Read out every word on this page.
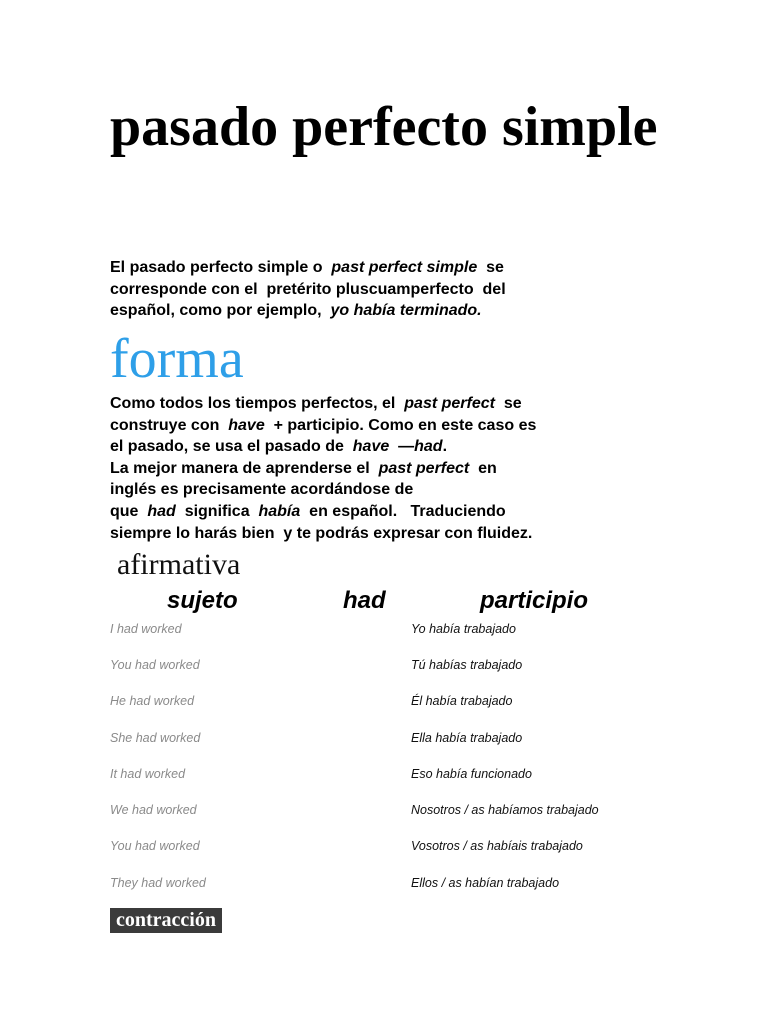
pasado perfecto simple
El pasado perfecto simple o  past perfect simple  se
corresponde con el  pretérito pluscuamperfecto  del
español, como por ejemplo,  yo había terminado.
forma
Como todos los tiempos perfectos, el  past perfect  se
construye con  have  + participio. Como en este caso es
el pasado, se usa el pasado de  have  —had.
La mejor manera de aprenderse el  past perfect  en
inglés es precisamente acordándose de
que  had  significa  había  en español.   Traduciendo
siempre lo harás bien  y te podrás expresar con fluidez.
afirmativa
sujeto	had	participio
I had worked	Yo había trabajado
You had worked	Tú habías trabajado
He had worked	Él había trabajado
She had worked	Ella había trabajado
It had worked	Eso había funcionado
We had worked	Nosotros / as habíamos trabajado
You had worked	Vosotros / as habíais trabajado
They had worked	Ellos / as habían trabajado
contracción
